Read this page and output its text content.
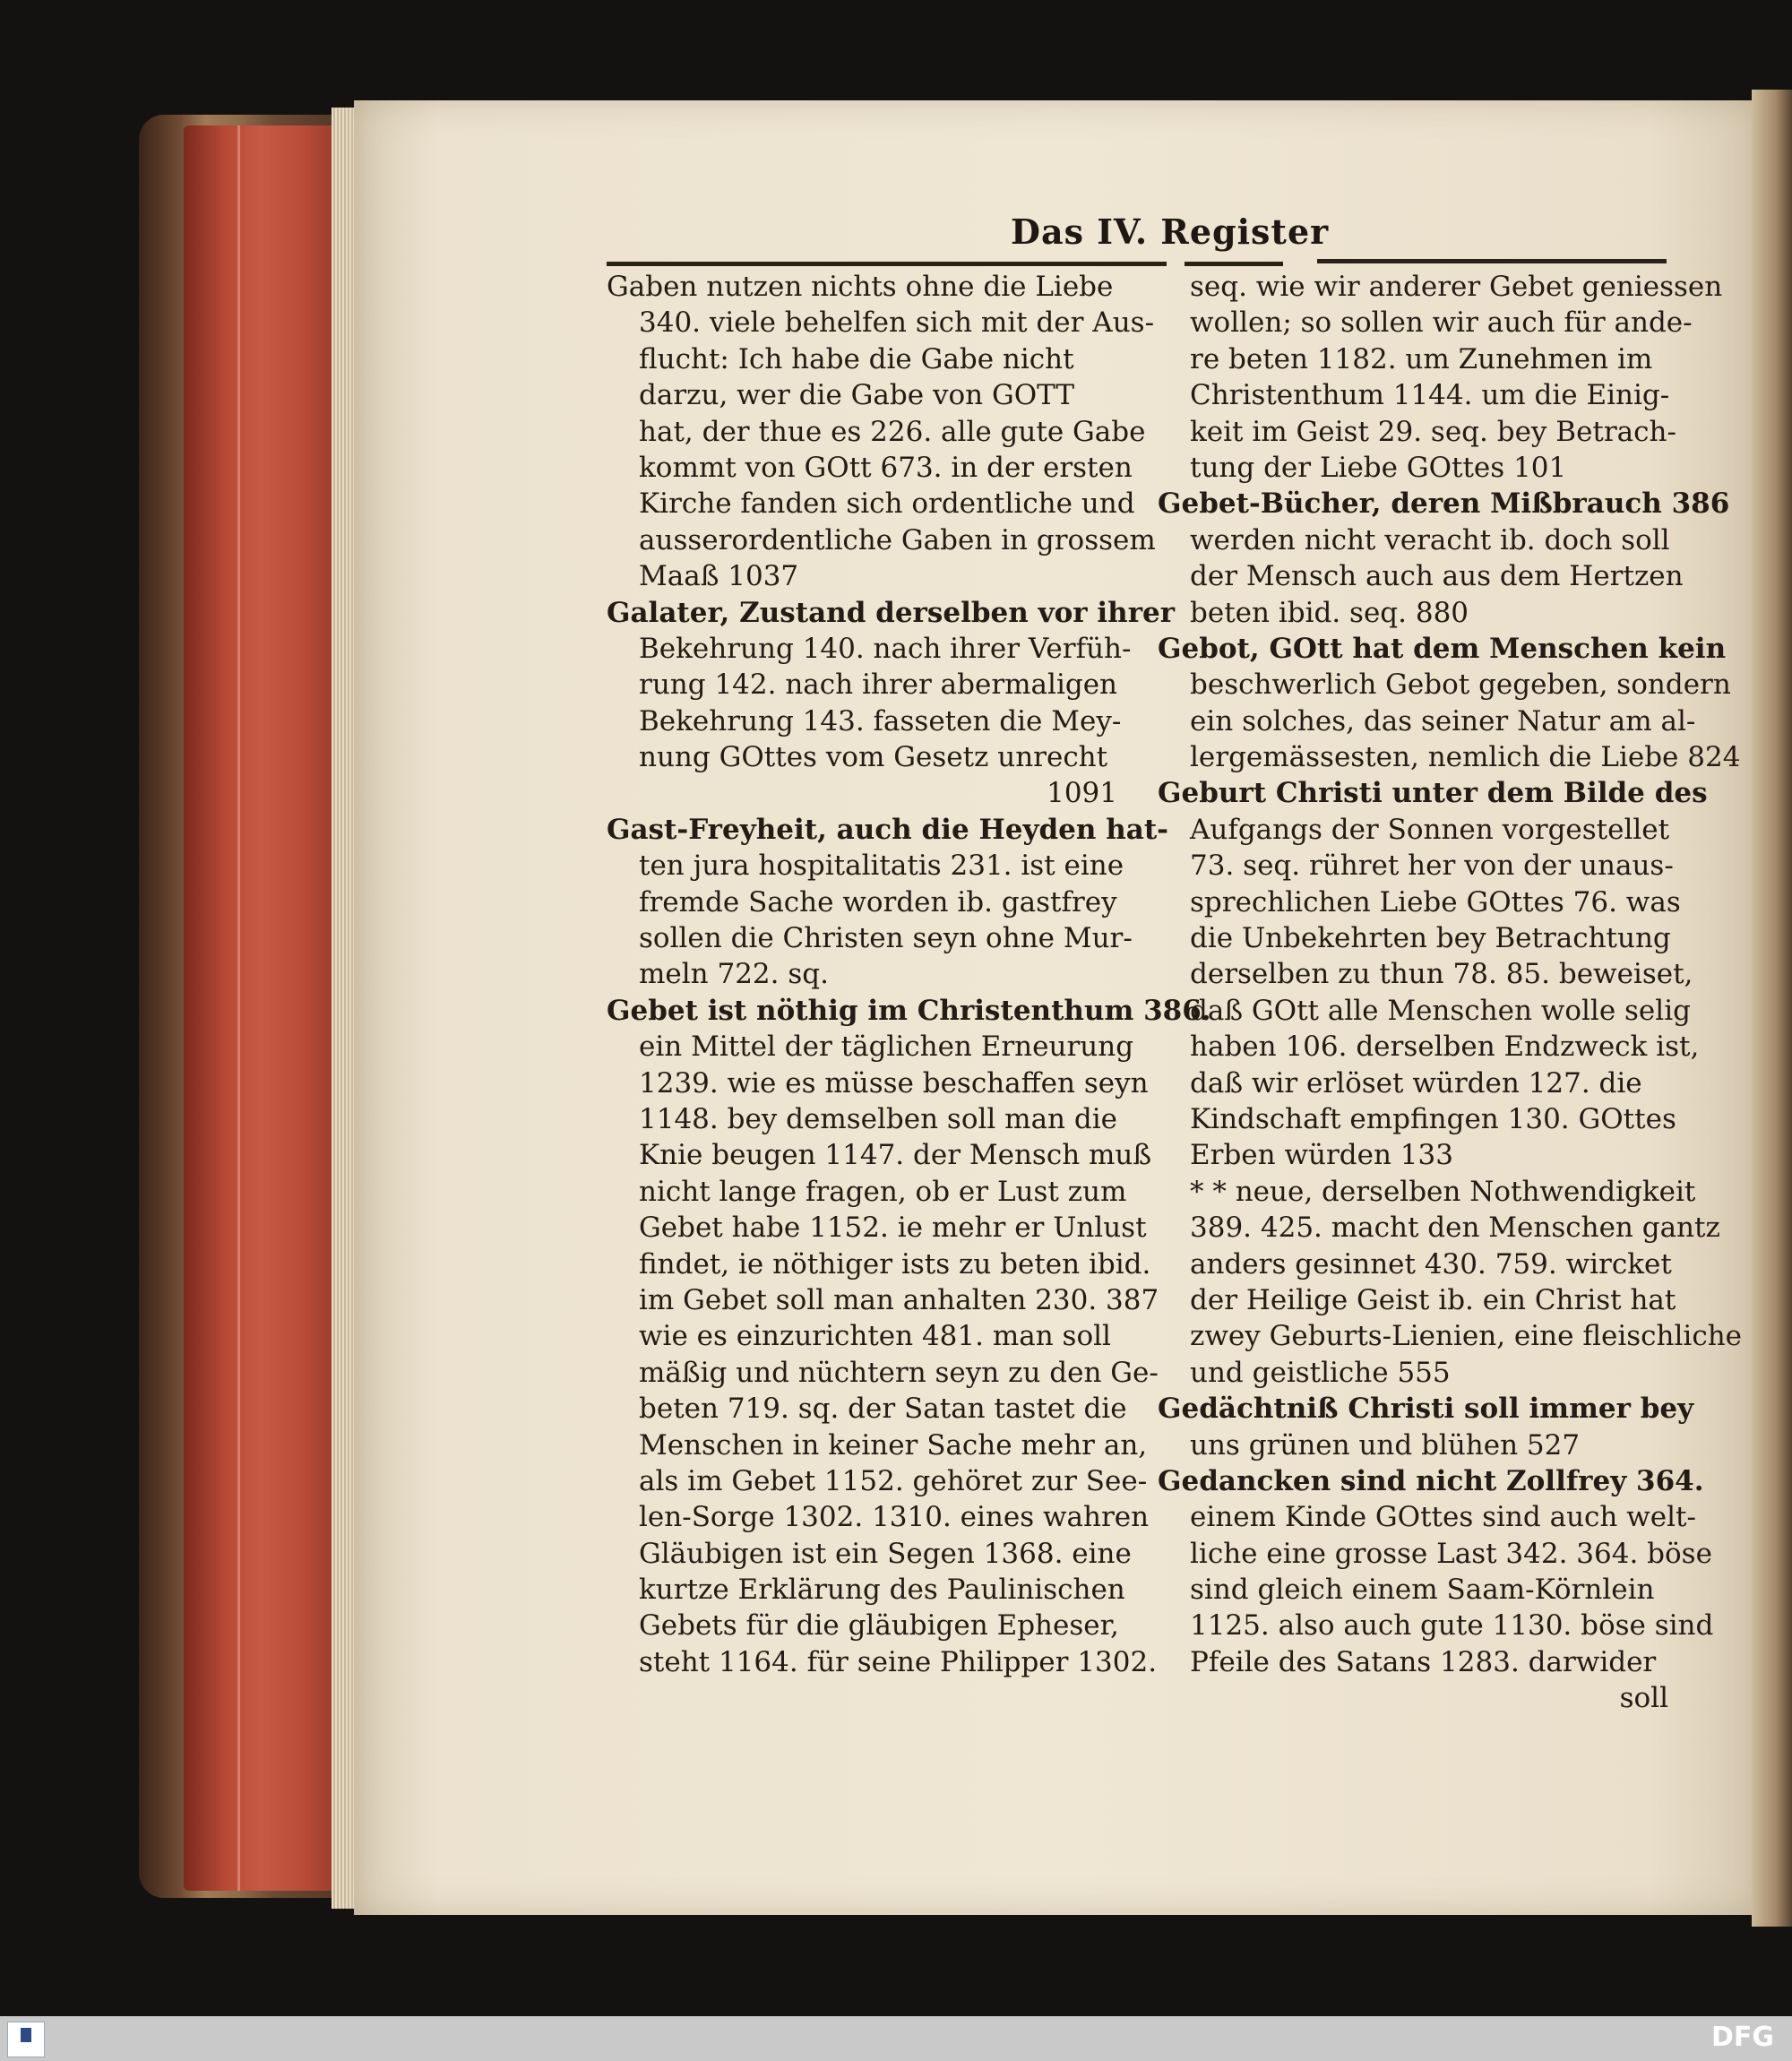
Das IV. Register
Gaben nutzen nichts ohne die Liebe
340. viele behelfen sich mit der Aus-
flucht: Ich habe die Gabe nicht
darzu, wer die Gabe von GOTT
hat, der thue es 226. alle gute Gabe
kommt von GOtt 673. in der ersten
Kirche fanden sich ordentliche und
ausserordentliche Gaben in grossem
Maaß 1037
Galater, Zustand derselben vor ihrer
Bekehrung 140. nach ihrer Verfüh-
rung 142. nach ihrer abermaligen
Bekehrung 143. fasseten die Mey-
nung GOttes vom Gesetz unrecht
1091
Gast-Freyheit, auch die Heyden hat-
ten jura hospitalitatis 231. ist eine
fremde Sache worden ib. gastfrey
sollen die Christen seyn ohne Mur-
meln 722. sq.
Gebet ist nöthig im Christenthum 386.
ein Mittel der täglichen Erneurung
1239. wie es müsse beschaffen seyn
1148. bey demselben soll man die
Knie beugen 1147. der Mensch muß
nicht lange fragen, ob er Lust zum
Gebet habe 1152. ie mehr er Unlust
findet, ie nöthiger ists zu beten ibid.
im Gebet soll man anhalten 230. 387
wie es einzurichten 481. man soll
mäßig und nüchtern seyn zu den Ge-
beten 719. sq. der Satan tastet die
Menschen in keiner Sache mehr an,
als im Gebet 1152. gehöret zur See-
len-Sorge 1302. 1310. eines wahren
Gläubigen ist ein Segen 1368. eine
kurtze Erklärung des Paulinischen
Gebets für die gläubigen Epheser,
steht 1164. für seine Philipper 1302.
seq. wie wir anderer Gebet geniessen
wollen; so sollen wir auch für ande-
re beten 1182. um Zunehmen im
Christenthum 1144. um die Einig-
keit im Geist 29. seq. bey Betrach-
tung der Liebe GOttes 101
Gebet-Bücher, deren Mißbrauch 386
werden nicht veracht ib. doch soll
der Mensch auch aus dem Hertzen
beten ibid. seq. 880
Gebot, GOtt hat dem Menschen kein
beschwerlich Gebot gegeben, sondern
ein solches, das seiner Natur am al-
lergemässesten, nemlich die Liebe 824
Geburt Christi unter dem Bilde des
Aufgangs der Sonnen vorgestellet
73. seq. rühret her von der unaus-
sprechlichen Liebe GOttes 76. was
die Unbekehrten bey Betrachtung
derselben zu thun 78. 85. beweiset,
daß GOtt alle Menschen wolle selig
haben 106. derselben Endzweck ist,
daß wir erlöset würden 127. die
Kindschaft empfingen 130. GOttes
Erben würden 133
* * neue, derselben Nothwendigkeit
389. 425. macht den Menschen gantz
anders gesinnet 430. 759. wircket
der Heilige Geist ib. ein Christ hat
zwey Geburts-Lienien, eine fleischliche
und geistliche 555
Gedächtniß Christi soll immer bey
uns grünen und blühen 527
Gedancken sind nicht Zollfrey 364.
einem Kinde GOttes sind auch welt-
liche eine grosse Last 342. 364. böse
sind gleich einem Saam-Körnlein
1125. also auch gute 1130. böse sind
Pfeile des Satans 1283. darwider
soll
DFG
